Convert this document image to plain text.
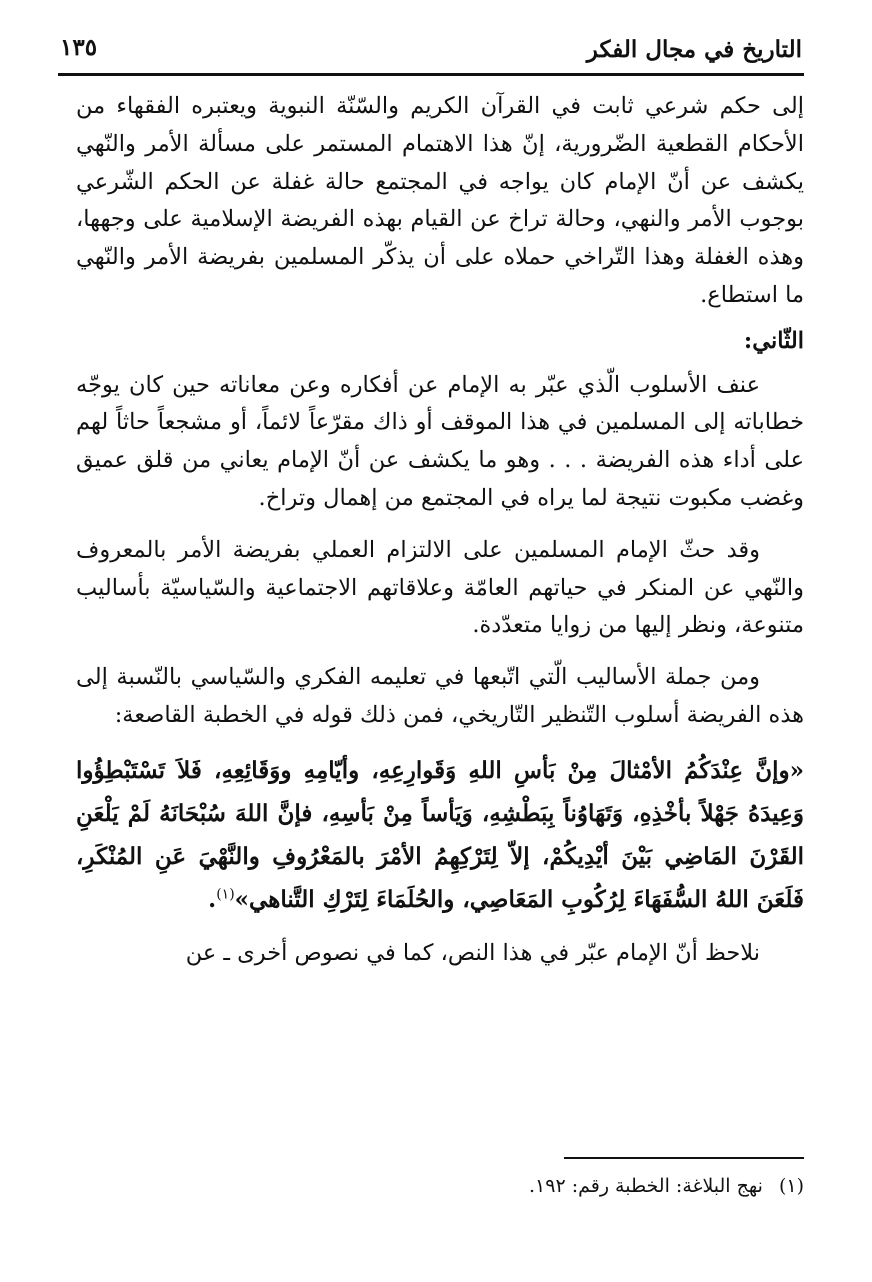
التاريخ في مجال الفكر
١٣٥

إلى حكم شرعي ثابت في القرآن الكريم والسّنّة النبوية ويعتبره الفقهاء من الأحكام القطعية الضّرورية، إنّ هذا الاهتمام المستمر على مسألة الأمر والنّهي يكشف عن أنّ الإمام كان يواجه في المجتمع حالة غفلة عن الحكم الشّرعي بوجوب الأمر والنهي، وحالة تراخ عن القيام بهذه الفريضة الإسلامية على وجهها، وهذه الغفلة وهذا التّراخي حملاه على أن يذكّر المسلمين بفريضة الأمر والنّهي ما استطاع.

الثّاني:

عنف الأسلوب الّذي عبّر به الإمام عن أفكاره وعن معاناته حين كان يوجّه خطاباته إلى المسلمين في هذا الموقف أو ذاك مقرّعاً لائماً، أو مشجعاً حاثاً لهم على أداء هذه الفريضة . . . وهو ما يكشف عن أنّ الإمام يعاني من قلق عميق وغضب مكبوت نتيجة لما يراه في المجتمع من إهمال وتراخ.

وقد حثّ الإمام المسلمين على الالتزام العملي بفريضة الأمر بالمعروف والنّهي عن المنكر في حياتهم العامّة وعلاقاتهم الاجتماعية والسّياسيّة بأساليب متنوعة، ونظر إليها من زوايا متعدّدة.

ومن جملة الأساليب الّتي اتّبعها في تعليمه الفكري والسّياسي بالنّسبة إلى هذه الفريضة أسلوب التّنظير التّاريخي، فمن ذلك قوله في الخطبة القاصعة:

«وإنَّ عِنْدَكُمُ الأمْثالَ مِنْ بَأسِ اللهِ وَقَوارِعِهِ، وأيّامِهِ ووَقَائِعِهِ، فَلاَ تَسْتَبْطِؤُوا وَعِيدَهُ جَهْلاً بأخْذِهِ، وَتَهَاوُناً بِبَطْشِهِ، وَيَأساً مِنْ بَأسِهِ، فإنَّ اللهَ سُبْحَانَهُ لَمْ يَلْعَنِ القَرْنَ المَاضِي بَيْنَ أيْدِيكُمْ، إلاّ لِتَرْكِهِمُ الأمْرَ بالمَعْرُوفِ والنَّهْيَ عَنِ المُنْكَرِ، فَلَعَنَ اللهُ السُّفَهَاءَ لِرُكُوبِ المَعَاصِي، والحُلَمَاءَ لِتَرْكِ التَّناهي»$^{(١)}$.

نلاحظ أنّ الإمام عبّر في هذا النص، كما في نصوص أخرى ـ عن

(١)نهج البلاغة: الخطبة رقم: ١٩٢.
